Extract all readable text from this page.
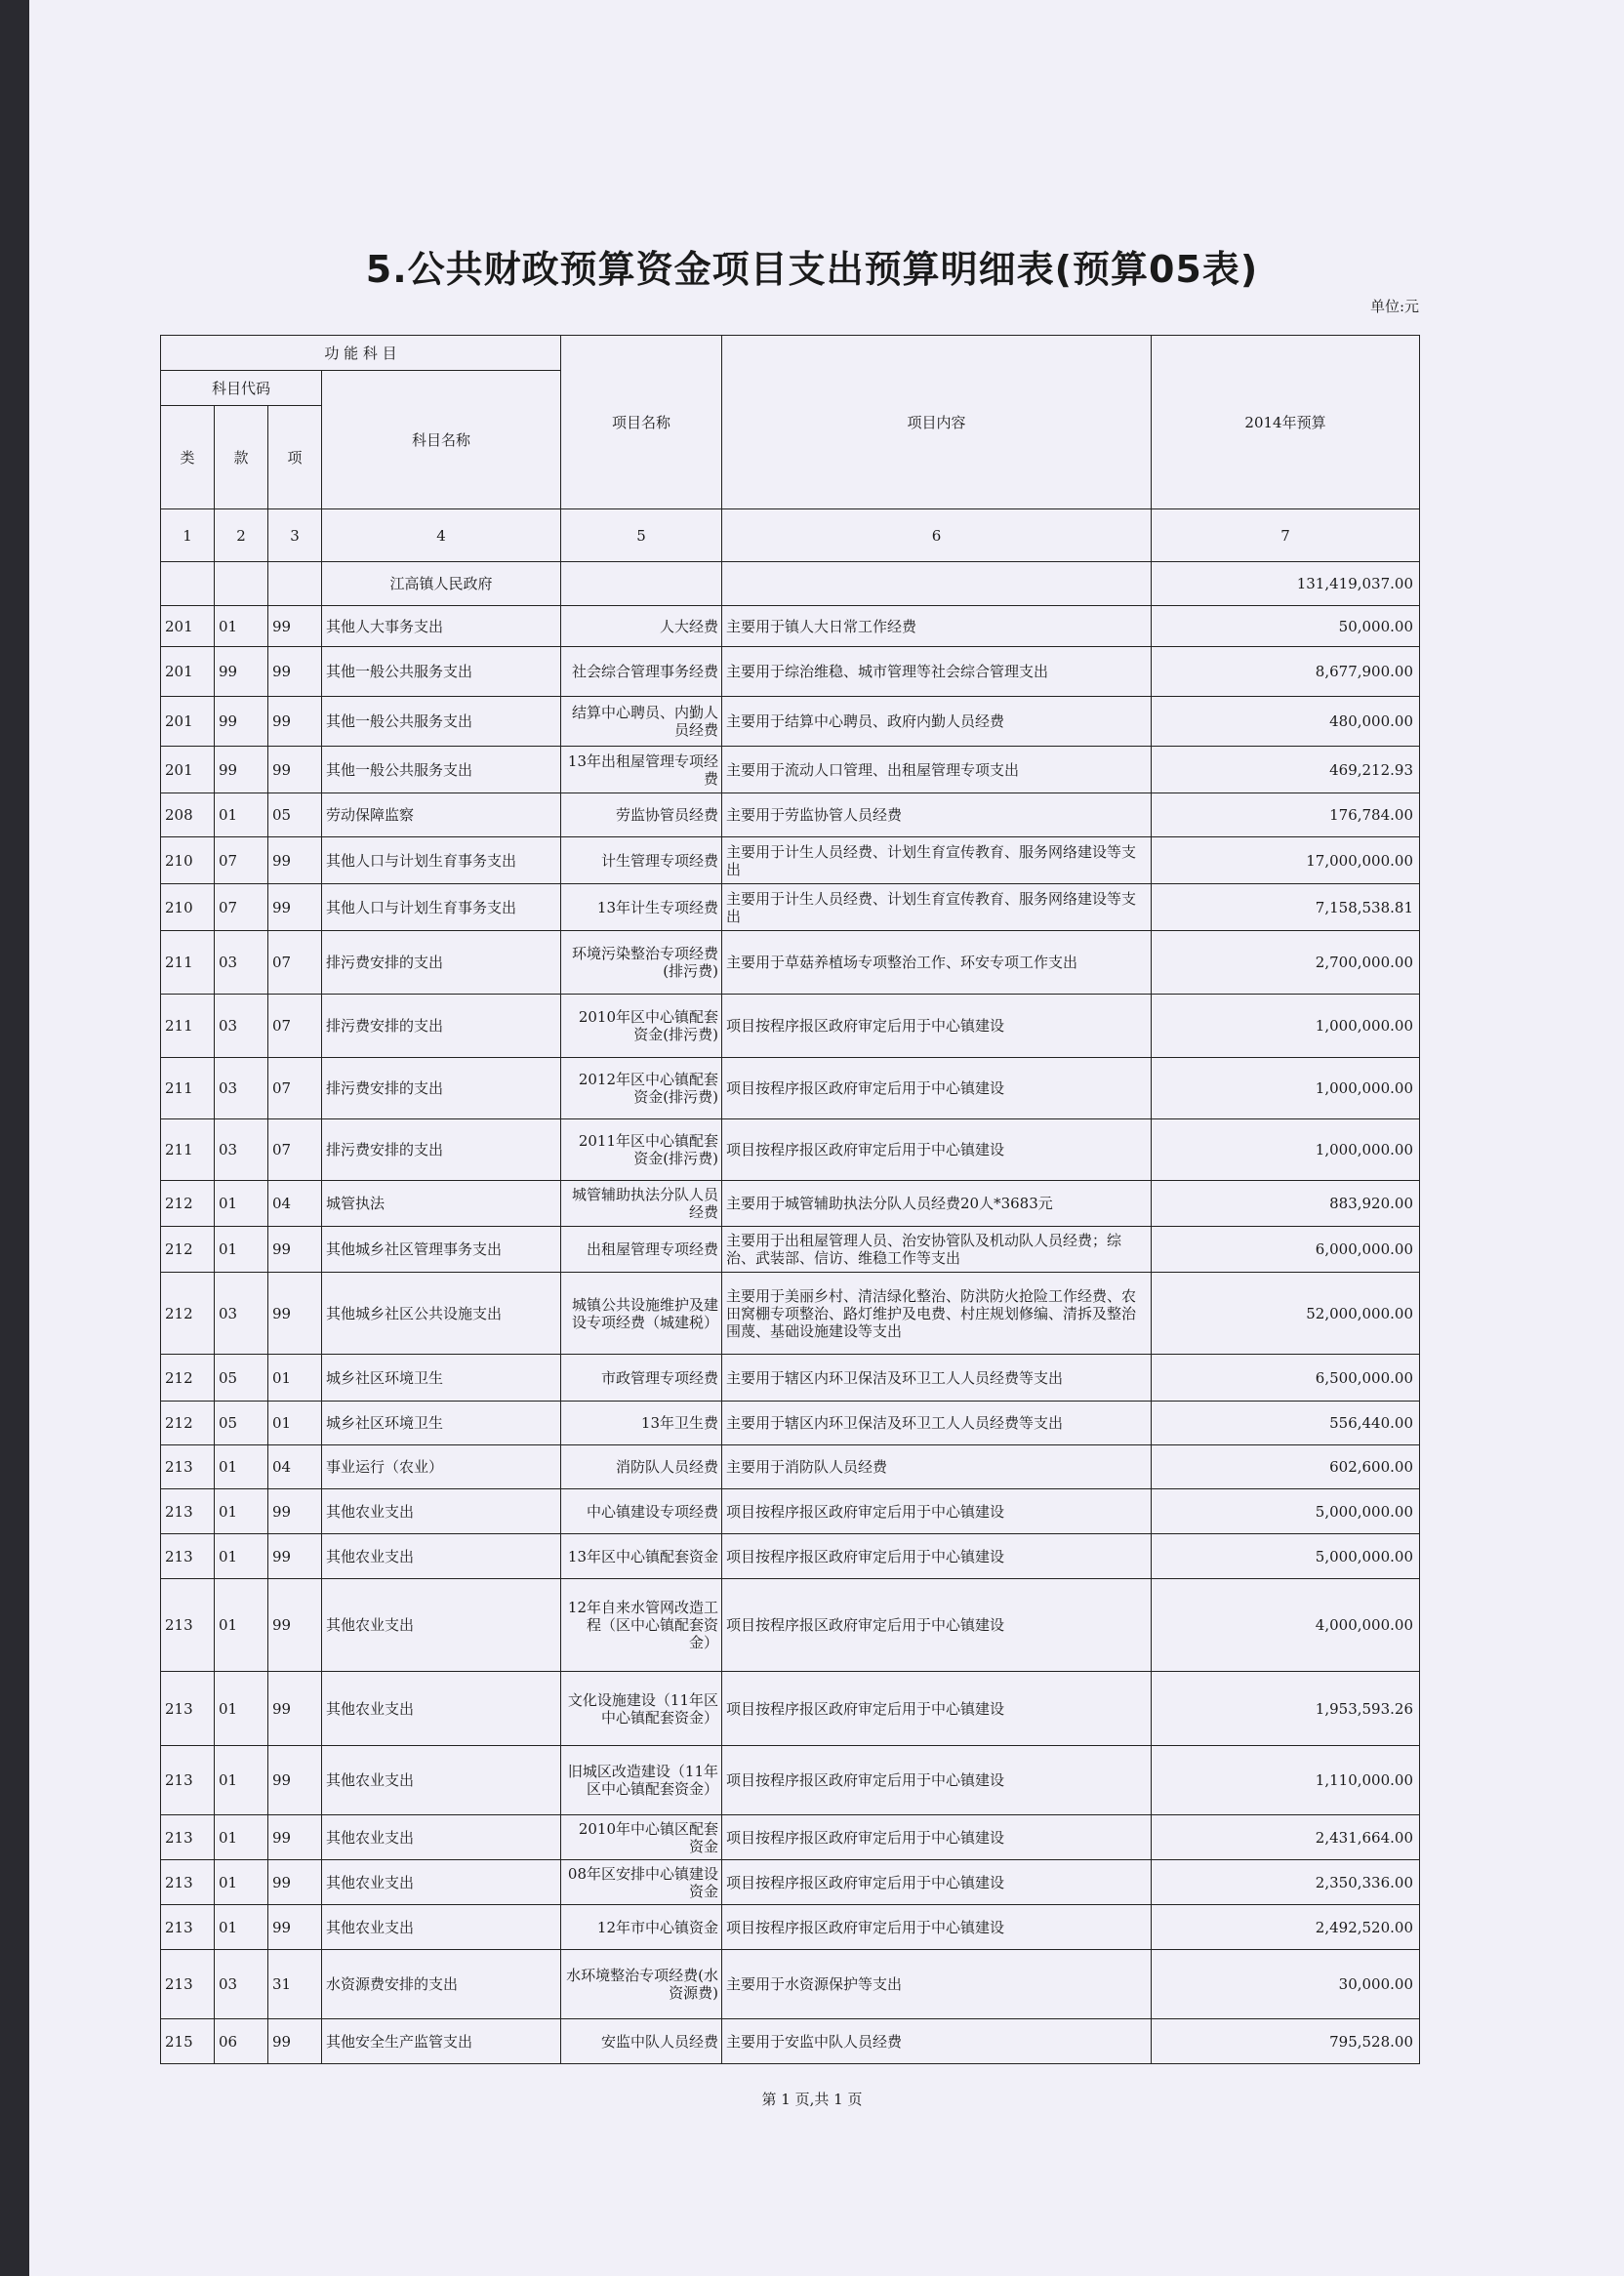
5.公共财政预算资金项目支出预算明细表(预算05表)
单位:元
功 能 科 目				项目名称	项目内容	2014年预算
科目代码			科目名称			
类	款	项				
1	2	3	4	5	6	7
			江高镇人民政府			131,419,037.00
201	01	99	其他人大事务支出	人大经费	主要用于镇人大日常工作经费	50,000.00
201	99	99	其他一般公共服务支出	社会综合管理事务经费	主要用于综治维稳、城市管理等社会综合管理支出	8,677,900.00
201	99	99	其他一般公共服务支出	结算中心聘员、内勤人员经费	主要用于结算中心聘员、政府内勤人员经费	480,000.00
201	99	99	其他一般公共服务支出	13年出租屋管理专项经费	主要用于流动人口管理、出租屋管理专项支出	469,212.93
208	01	05	劳动保障监察	劳监协管员经费	主要用于劳监协管人员经费	176,784.00
210	07	99	其他人口与计划生育事务支出	计生管理专项经费	主要用于计生人员经费、计划生育宣传教育、服务网络建设等支出	17,000,000.00
210	07	99	其他人口与计划生育事务支出	13年计生专项经费	主要用于计生人员经费、计划生育宣传教育、服务网络建设等支出	7,158,538.81
211	03	07	排污费安排的支出	环境污染整治专项经费(排污费)	主要用于草菇养植场专项整治工作、环安专项工作支出	2,700,000.00
211	03	07	排污费安排的支出	2010年区中心镇配套资金(排污费)	项目按程序报区政府审定后用于中心镇建设	1,000,000.00
211	03	07	排污费安排的支出	2012年区中心镇配套资金(排污费)	项目按程序报区政府审定后用于中心镇建设	1,000,000.00
211	03	07	排污费安排的支出	2011年区中心镇配套资金(排污费)	项目按程序报区政府审定后用于中心镇建设	1,000,000.00
212	01	04	城管执法	城管辅助执法分队人员经费	主要用于城管辅助执法分队人员经费20人*3683元	883,920.00
212	01	99	其他城乡社区管理事务支出	出租屋管理专项经费	主要用于出租屋管理人员、治安协管队及机动队人员经费；综治、武装部、信访、维稳工作等支出	6,000,000.00
212	03	99	其他城乡社区公共设施支出	城镇公共设施维护及建设专项经费（城建税）	主要用于美丽乡村、清洁绿化整治、防洪防火抢险工作经费、农田窝棚专项整治、路灯维护及电费、村庄规划修编、清拆及整治围蔑、基础设施建设等支出	52,000,000.00
212	05	01	城乡社区环境卫生	市政管理专项经费	主要用于辖区内环卫保洁及环卫工人人员经费等支出	6,500,000.00
212	05	01	城乡社区环境卫生	13年卫生费	主要用于辖区内环卫保洁及环卫工人人员经费等支出	556,440.00
213	01	04	事业运行（农业）	消防队人员经费	主要用于消防队人员经费	602,600.00
213	01	99	其他农业支出	中心镇建设专项经费	项目按程序报区政府审定后用于中心镇建设	5,000,000.00
213	01	99	其他农业支出	13年区中心镇配套资金	项目按程序报区政府审定后用于中心镇建设	5,000,000.00
213	01	99	其他农业支出	12年自来水管网改造工程（区中心镇配套资金）	项目按程序报区政府审定后用于中心镇建设	4,000,000.00
213	01	99	其他农业支出	文化设施建设（11年区中心镇配套资金）	项目按程序报区政府审定后用于中心镇建设	1,953,593.26
213	01	99	其他农业支出	旧城区改造建设（11年区中心镇配套资金）	项目按程序报区政府审定后用于中心镇建设	1,110,000.00
213	01	99	其他农业支出	2010年中心镇区配套资金	项目按程序报区政府审定后用于中心镇建设	2,431,664.00
213	01	99	其他农业支出	08年区安排中心镇建设资金	项目按程序报区政府审定后用于中心镇建设	2,350,336.00
213	01	99	其他农业支出	12年市中心镇资金	项目按程序报区政府审定后用于中心镇建设	2,492,520.00
213	03	31	水资源费安排的支出	水环境整治专项经费(水资源费)	主要用于水资源保护等支出	30,000.00
215	06	99	其他安全生产监管支出	安监中队人员经费	主要用于安监中队人员经费	795,528.00
第 1 页,共 1 页
